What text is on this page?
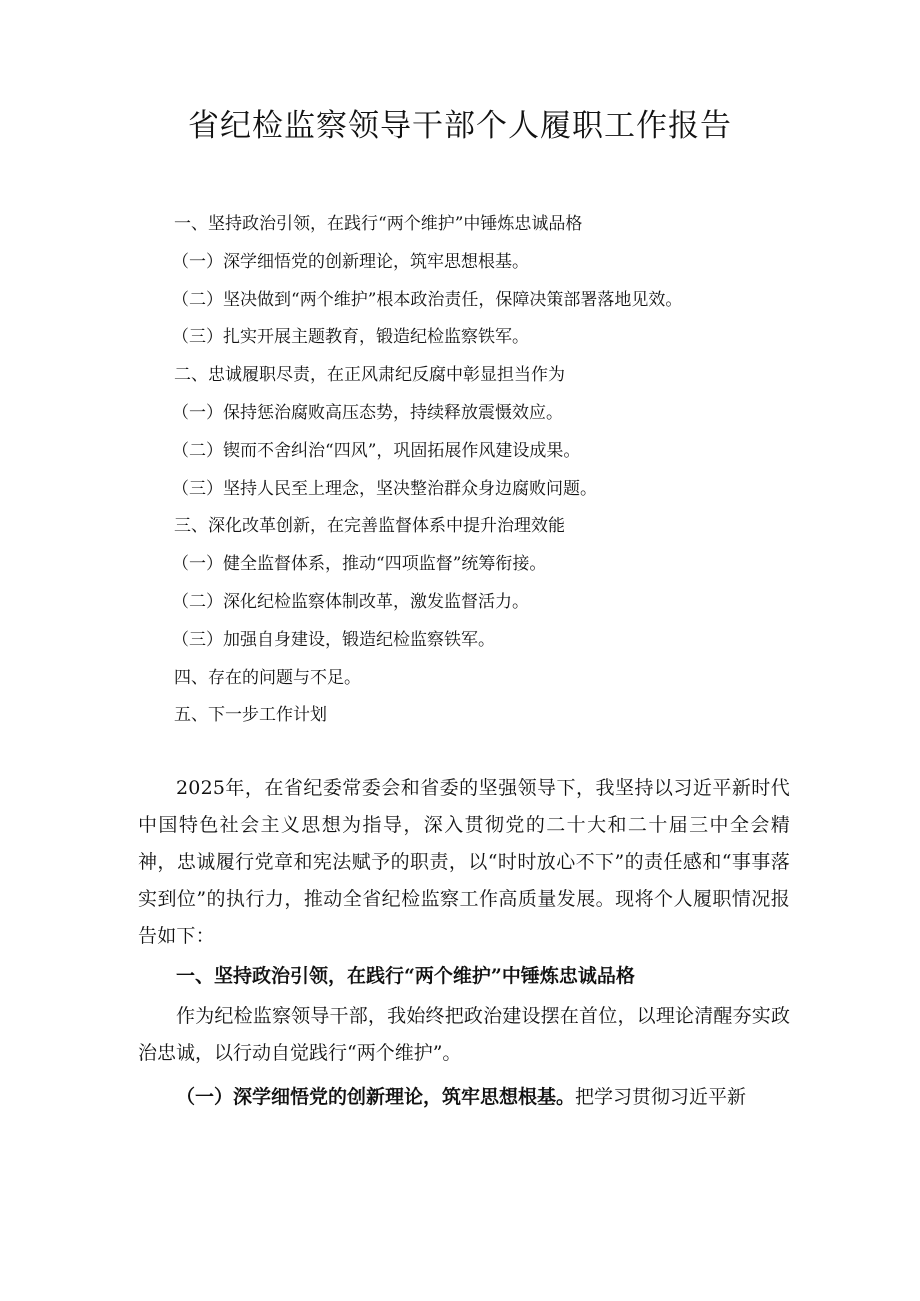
省纪检监察领导干部个人履职工作报告
一、坚持政治引领，在践行“两个维护”中锤炼忠诚品格
（一）深学细悟党的创新理论，筑牢思想根基。
（二）坚决做到“两个维护”根本政治责任，保障决策部署落地见效。
（三）扎实开展主题教育，锻造纪检监察铁军。
二、忠诚履职尽责，在正风肃纪反腐中彰显担当作为
（一）保持惩治腐败高压态势，持续释放震慑效应。
（二）锲而不舍纠治“四风”，巩固拓展作风建设成果。
（三）坚持人民至上理念，坚决整治群众身边腐败问题。
三、深化改革创新，在完善监督体系中提升治理效能
（一）健全监督体系，推动“四项监督”统筹衔接。
（二）深化纪检监察体制改革，激发监督活力。
（三）加强自身建设，锻造纪检监察铁军。
四、存在的问题与不足。
五、下一步工作计划

2025年，在省纪委常委会和省委的坚强领导下，我坚持以习近平新时代中国特色社会主义思想为指导，深入贯彻党的二十大和二十届三中全会精神，忠诚履行党章和宪法赋予的职责，以“时时放心不下”的责任感和“事事落实到位”的执行力，推动全省纪检监察工作高质量发展。现将个人履职情况报告如下：

一、坚持政治引领，在践行“两个维护”中锤炼忠诚品格

作为纪检监察领导干部，我始终把政治建设摆在首位，以理论清醒夯实政治忠诚，以行动自觉践行“两个维护”。

（一）深学细悟党的创新理论，筑牢思想根基。把学习贯彻习近平新
